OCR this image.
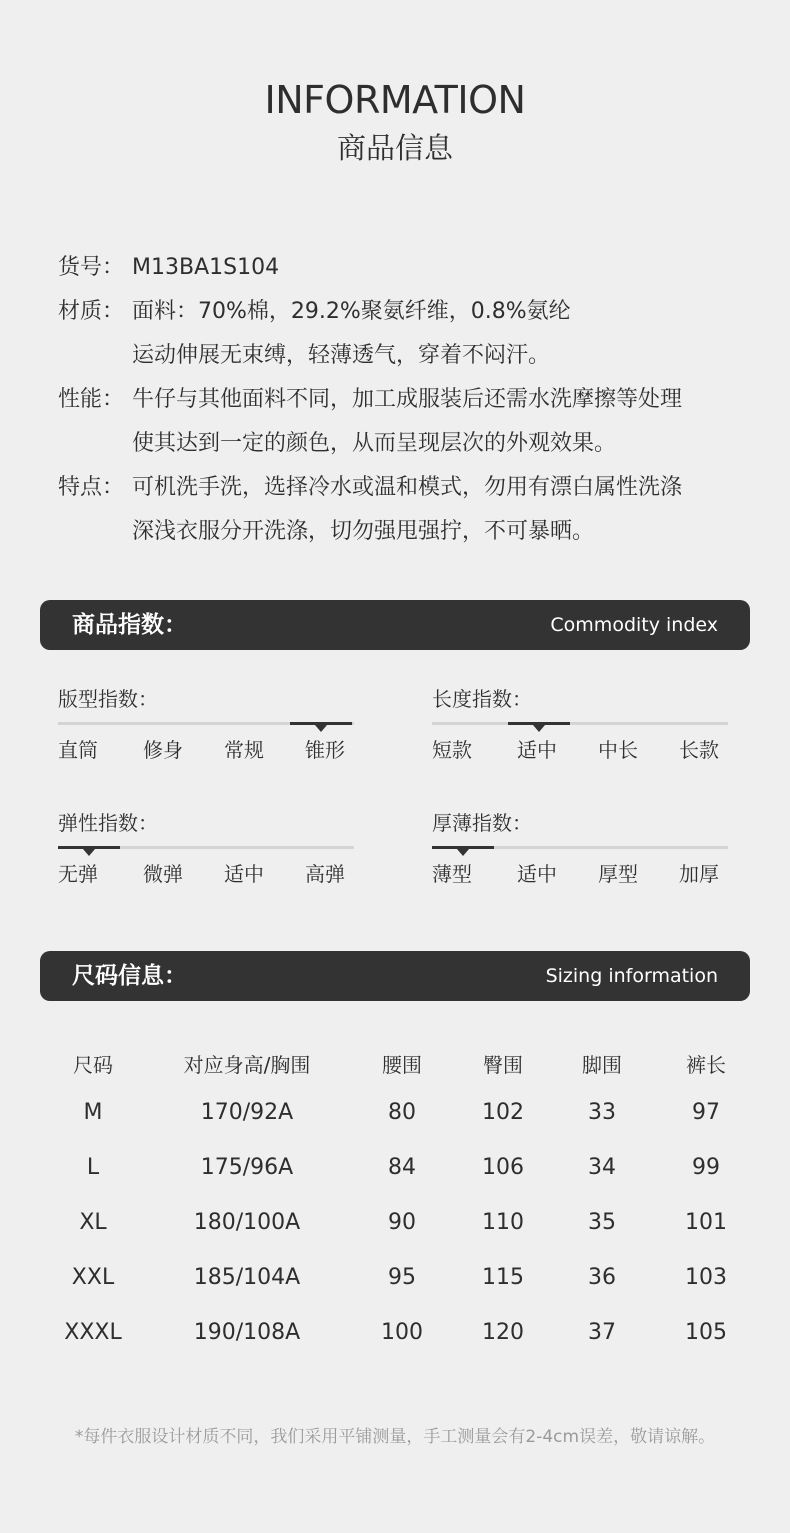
INFORMATION
商品信息
货号： M13BA1S104
材质： 面料：70%棉，29.2%聚氨纤维，0.8%氨纶
运动伸展无束缚，轻薄透气，穿着不闷汗。
性能： 牛仔与其他面料不同，加工成服装后还需水洗摩擦等处理
使其达到一定的颜色，从而呈现层次的外观效果。
特点： 可机洗手洗，选择冷水或温和模式，勿用有漂白属性洗涤
深浅衣服分开洗涤，切勿强甩强拧，不可暴晒。
商品指数：	Commodity index
版型指数：
直筒 修身 常规 锥形
长度指数：
短款 适中 中长 长款
弹性指数：
无弹 微弹 适中 高弹
厚薄指数：
薄型 适中 厚型 加厚
尺码信息：	Sizing information
尺码	对应身高/胸围	腰围	臀围	脚围	裤长
M	170/92A	80	102	33	97
L	175/96A	84	106	34	99
XL	180/100A	90	110	35	101
XXL	185/104A	95	115	36	103
XXXL	190/108A	100	120	37	105
*每件衣服设计材质不同，我们采用平铺测量，手工测量会有2-4cm误差，敬请谅解。
